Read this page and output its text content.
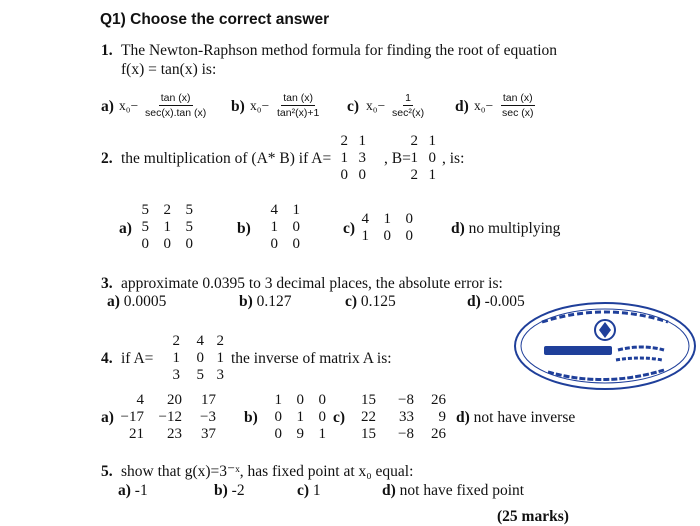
Q1) Choose the correct answer
1. The Newton-Raphson method formula for finding the root of equation
f(x) = tan(x) is:
a) x₀− tan (x)
sec(x).tan (x) b) $x_0- \frac{\tan (x)}{\text{tan²(x)+1}} c$) x₀− 1
sec²(x) d) x₀− tan (x)
sec (x)
2 1
1 3
0 0
2 1
1 0
2 1
2. the multiplication of (A* B) if A=	, B= , is:
a)
5 2 5
5 1 5
0 0 0
b)
4 1
1 0
0 0
c)
4 1 0
1 0 0 d) no multiplying
3. approximate 0.0395 to 3 decimal places, the absolute error is:
a) 0.0005	b) 0.127	c) 0.125	d) -0.005
2	4 2
1	0 1
3	5 3
4. if A=	the inverse of matrix A is:
a)
4	20	17
−17 −12	−3
21	23	37
b)
1 0 0
0 1 0
0 9 1
c)
15	−8	26
22	33	9
15	−8	26
d) not have inverse
5. show that g(x)=3⁻ˣ, has fixed point at x₀ equal:
a) -1	b) -2	c) 1	d) not have fixed point
(25 marks)
